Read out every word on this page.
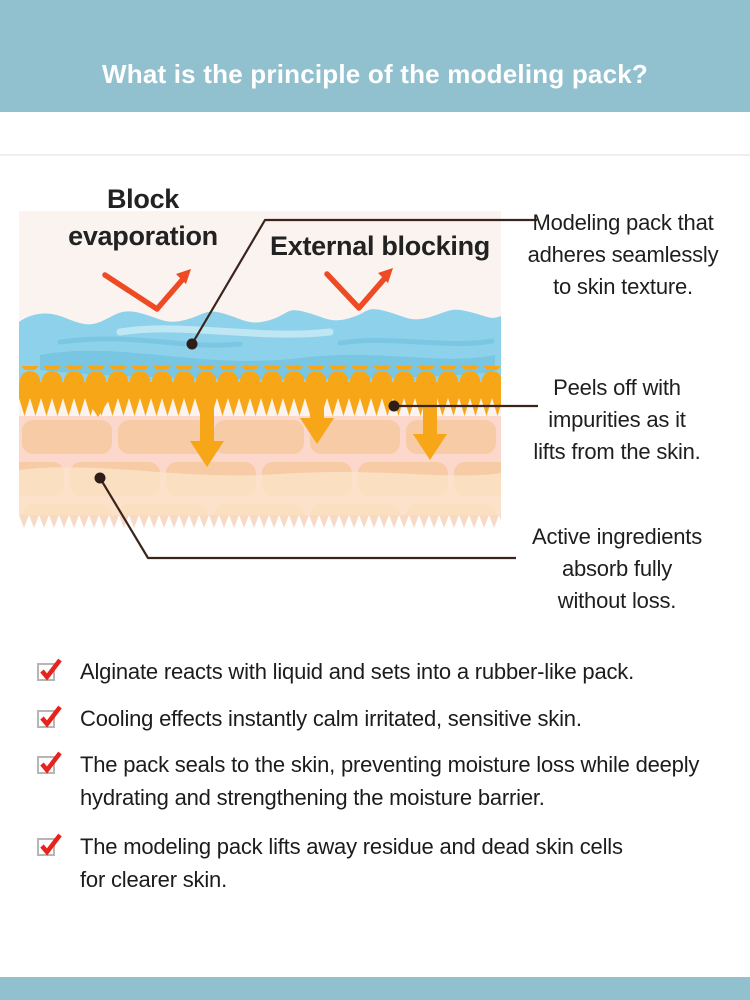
What is the principle of the modeling pack?
Block
evaporation	External blocking
Modeling pack that
adheres seamlessly
to skin texture.
Peels off with
impurities as it
lifts from the skin.
Active ingredients
absorb fully
without loss.
Alginate reacts with liquid and sets into a rubber-like pack.
Cooling effects instantly calm irritated, sensitive skin.
The pack seals to the skin, preventing moisture loss while deeply hydrating and strengthening the moisture barrier.
The modeling pack lifts away residue and dead skin cells for clearer skin.
